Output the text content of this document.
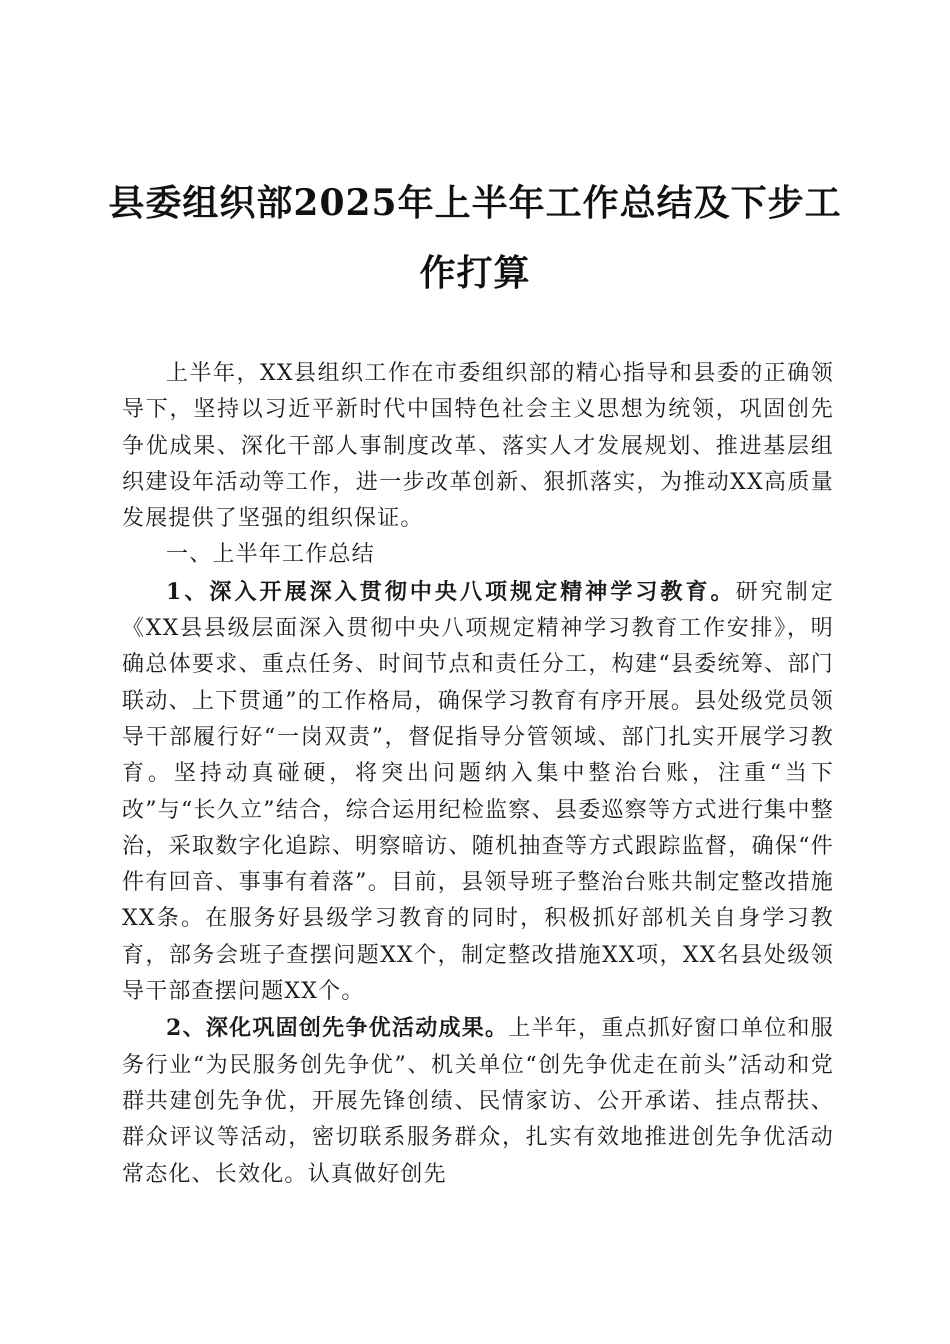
县委组织部2025年上半年工作总结及下步工作打算

上半年，XX县组织工作在市委组织部的精心指导和县委的正确领导下，坚持以习近平新时代中国特色社会主义思想为统领，巩固创先争优成果、深化干部人事制度改革、落实人才发展规划、推进基层组织建设年活动等工作，进一步改革创新、狠抓落实，为推动XX高质量发展提供了坚强的组织保证。

一、上半年工作总结

1、深入开展深入贯彻中央八项规定精神学习教育。研究制定《XX县县级层面深入贯彻中央八项规定精神学习教育工作安排》，明确总体要求、重点任务、时间节点和责任分工，构建“县委统筹、部门联动、上下贯通”的工作格局，确保学习教育有序开展。县处级党员领导干部履行好“一岗双责”，督促指导分管领域、部门扎实开展学习教育。坚持动真碰硬，将突出问题纳入集中整治台账，注重“当下改”与“长久立”结合，综合运用纪检监察、县委巡察等方式进行集中整治，采取数字化追踪、明察暗访、随机抽查等方式跟踪监督，确保“件件有回音、事事有着落”。目前，县领导班子整治台账共制定整改措施XX条。在服务好县级学习教育的同时，积极抓好部机关自身学习教育，部务会班子查摆问题XX个，制定整改措施XX项，XX名县处级领导干部查摆问题XX个。

2、深化巩固创先争优活动成果。上半年，重点抓好窗口单位和服务行业“为民服务创先争优”、机关单位“创先争优走在前头”活动和党群共建创先争优，开展先锋创绩、民情家访、公开承诺、挂点帮扶、群众评议等活动，密切联系服务群众，扎实有效地推进创先争优活动常态化、长效化。认真做好创先
